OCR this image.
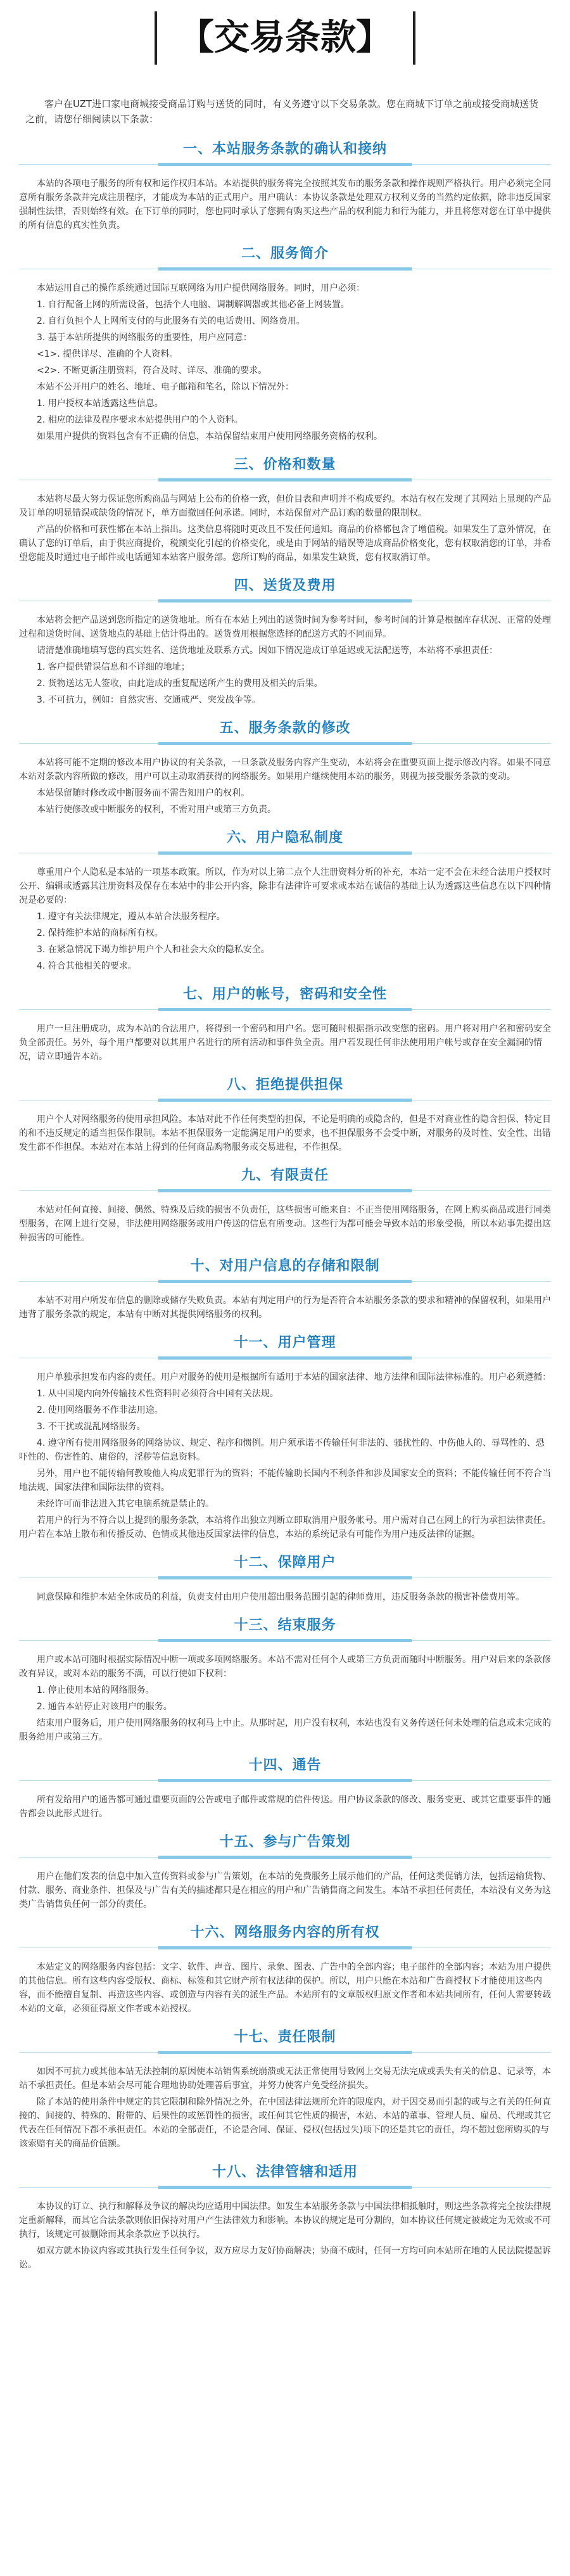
【交易条款】

客户在UZT进口家电商城接受商品订购与送货的同时，有义务遵守以下交易条款。您在商城下订单之前或接受商城送货之前，请您仔细阅读以下条款：

一、本站服务条款的确认和接纳

本站的各项电子服务的所有权和运作权归本站。本站提供的服务将完全按照其发布的服务条款和操作规则严格执行。用户必须完全同意所有服务条款并完成注册程序，才能成为本站的正式用户。用户确认：本协议条款是处理双方权利义务的当然约定依据，除非违反国家强制性法律，否则始终有效。在下订单的同时，您也同时承认了您拥有购买这些产品的权利能力和行为能力，并且将您对您在订单中提供的所有信息的真实性负责。

二、服务简介

本站运用自己的操作系统通过国际互联网络为用户提供网络服务。同时，用户必须：

1. 自行配备上网的所需设备，包括个人电脑、调制解调器或其他必备上网装置。

2. 自行负担个人上网所支付的与此服务有关的电话费用、网络费用。

3. 基于本站所提供的网络服务的重要性，用户应同意：

<1>. 提供详尽、准确的个人资料。

<2>. 不断更新注册资料，符合及时、详尽、准确的要求。

本站不公开用户的姓名、地址、电子邮箱和笔名，除以下情况外：

1. 用户授权本站透露这些信息。

2. 相应的法律及程序要求本站提供用户的个人资料。

如果用户提供的资料包含有不正确的信息，本站保留结束用户使用网络服务资格的权利。

三、价格和数量

本站将尽最大努力保证您所购商品与网站上公布的价格一致，但价目表和声明并不构成要约。本站有权在发现了其网站上显现的产品及订单的明显错误或缺货的情况下，单方面撤回任何承诺。同时，本站保留对产品订购的数量的限制权。

产品的价格和可获性都在本站上指出。这类信息将随时更改且不发任何通知。商品的价格都包含了增值税。如果发生了意外情况，在确认了您的订单后，由于供应商提价，税额变化引起的价格变化，或是由于网站的错误等造成商品价格变化，您有权取消您的订单，并希望您能及时通过电子邮件或电话通知本站客户服务部。您所订购的商品，如果发生缺货，您有权取消订单。

四、送货及费用

本站将会把产品送到您所指定的送货地址。所有在本站上列出的送货时间为参考时间，参考时间的计算是根据库存状况、正常的处理过程和送货时间、送货地点的基础上估计得出的。送货费用根据您选择的配送方式的不同而异。

请清楚准确地填写您的真实姓名、送货地址及联系方式。因如下情况造成订单延迟或无法配送等，本站将不承担责任：

1. 客户提供错误信息和不详细的地址；

2. 货物送达无人签收，由此造成的重复配送所产生的费用及相关的后果。

3. 不可抗力，例如：自然灾害、交通戒严、突发战争等。

五、服务条款的修改

本站将可能不定期的修改本用户协议的有关条款，一旦条款及服务内容产生变动，本站将会在重要页面上提示修改内容。如果不同意本站对条款内容所做的修改，用户可以主动取消获得的网络服务。如果用户继续使用本站的服务，则视为接受服务条款的变动。

本站保留随时修改或中断服务而不需告知用户的权利。

本站行使修改或中断服务的权利，不需对用户或第三方负责。

六、用户隐私制度

尊重用户个人隐私是本站的一项基本政策。所以，作为对以上第二点个人注册资料分析的补充，本站一定不会在未经合法用户授权时公开、编辑或透露其注册资料及保存在本站中的非公开内容，除非有法律许可要求或本站在诚信的基础上认为透露这些信息在以下四种情况是必要的：

1. 遵守有关法律规定，遵从本站合法服务程序。

2. 保持维护本站的商标所有权。

3. 在紧急情况下竭力维护用户个人和社会大众的隐私安全。

4. 符合其他相关的要求。

七、用户的帐号，密码和安全性

用户一旦注册成功，成为本站的合法用户，将得到一个密码和用户名。您可随时根据指示改变您的密码。用户将对用户名和密码安全负全部责任。另外，每个用户都要对以其用户名进行的所有活动和事件负全责。用户若发现任何非法使用用户帐号或存在安全漏洞的情况，请立即通告本站。

八、拒绝提供担保

用户个人对网络服务的使用承担风险。本站对此不作任何类型的担保，不论是明确的或隐含的，但是不对商业性的隐含担保、特定目的和不违反规定的适当担保作限制。本站不担保服务一定能满足用户的要求，也不担保服务不会受中断，对服务的及时性、安全性、出错发生都不作担保。本站对在本站上得到的任何商品购物服务或交易进程，不作担保。

九、有限责任

本站对任何直接、间接、偶然、特殊及后续的损害不负责任，这些损害可能来自：不正当使用网络服务，在网上购买商品或进行同类型服务，在网上进行交易，非法使用网络服务或用户传送的信息有所变动。这些行为都可能会导致本站的形象受损，所以本站事先提出这种损害的可能性。

十、对用户信息的存储和限制

本站不对用户所发布信息的删除或储存失败负责。本站有判定用户的行为是否符合本站服务条款的要求和精神的保留权利，如果用户违背了服务条款的规定，本站有中断对其提供网络服务的权利。

十一、用户管理

用户单独承担发布内容的责任。用户对服务的使用是根据所有适用于本站的国家法律、地方法律和国际法律标准的。用户必须遵循：

1. 从中国境内向外传输技术性资料时必须符合中国有关法规。

2. 使用网络服务不作非法用途。

3. 不干扰或混乱网络服务。

4. 遵守所有使用网络服务的网络协议、规定、程序和惯例。用户须承诺不传输任何非法的、骚扰性的、中伤他人的、辱骂性的、恐吓性的、伤害性的、庸俗的，淫秽等信息资料。

另外，用户也不能传输何教唆他人构成犯罪行为的资料；不能传输助长国内不利条件和涉及国家安全的资料；不能传输任何不符合当地法规、国家法律和国际法律的资料。

未经许可而非法进入其它电脑系统是禁止的。

若用户的行为不符合以上提到的服务条款，本站将作出独立判断立即取消用户服务帐号。用户需对自己在网上的行为承担法律责任。用户若在本站上散布和传播反动、色情或其他违反国家法律的信息，本站的系统记录有可能作为用户违反法律的证据。

十二、保障用户

同意保障和维护本站全体成员的利益，负责支付由用户使用超出服务范围引起的律师费用，违反服务条款的损害补偿费用等。

十三、结束服务

用户或本站可随时根据实际情况中断一项或多项网络服务。本站不需对任何个人或第三方负责而随时中断服务。用户对后来的条款修改有异议，或对本站的服务不满，可以行使如下权利：

1. 停止使用本站的网络服务。

2. 通告本站停止对该用户的服务。

结束用户服务后，用户使用网络服务的权利马上中止。从那时起，用户没有权利，本站也没有义务传送任何未处理的信息或未完成的服务给用户或第三方。

十四、通告

所有发给用户的通告都可通过重要页面的公告或电子邮件或常规的信件传送。用户协议条款的修改、服务变更、或其它重要事件的通告都会以此形式进行。

十五、参与广告策划

用户在他们发表的信息中加入宣传资料或参与广告策划，在本站的免费服务上展示他们的产品，任何这类促销方法，包括运输货物、付款、服务、商业条件、担保及与广告有关的描述都只是在相应的用户和广告销售商之间发生。本站不承担任何责任，本站没有义务为这类广告销售负任何一部分的责任。

十六、网络服务内容的所有权

本站定义的网络服务内容包括：文字、软件、声音、图片、录象、图表、广告中的全部内容；电子邮件的全部内容；本站为用户提供的其他信息。所有这些内容受版权、商标、标签和其它财产所有权法律的保护。所以，用户只能在本站和广告商授权下才能使用这些内容，而不能擅自复制、再造这些内容、或创造与内容有关的派生产品。本站所有的文章版权归原文作者和本站共同所有，任何人需要转载本站的文章，必须征得原文作者或本站授权。

十七、责任限制

如因不可抗力或其他本站无法控制的原因使本站销售系统崩溃或无法正常使用导致网上交易无法完成或丢失有关的信息、记录等，本站不承担责任。但是本站会尽可能合理地协助处理善后事宜，并努力使客户免受经济损失。

除了本站的使用条件中规定的其它限制和除外情况之外，在中国法律法规所允许的限度内，对于因交易而引起的或与之有关的任何直接的、间接的、特殊的、附带的、后果性的或惩罚性的损害，或任何其它性质的损害，本站、本站的董事、管理人员、雇员、代理或其它代表在任何情况下都不承担责任。本站的全部责任，不论是合同、保证、侵权(包括过失)项下的还是其它的责任，均不超过您所购买的与该索赔有关的商品价值额。

十八、法律管辖和适用

本协议的订立、执行和解释及争议的解决均应适用中国法律。如发生本站服务条款与中国法律相抵触时，则这些条款将完全按法律规定重新解释，而其它合法条款则依旧保持对用户产生法律效力和影响。本协议的规定是可分割的，如本协议任何规定被裁定为无效或不可执行，该规定可被删除而其余条款应予以执行。

如双方就本协议内容或其执行发生任何争议，双方应尽力友好协商解决；协商不成时，任何一方均可向本站所在地的人民法院提起诉讼。
